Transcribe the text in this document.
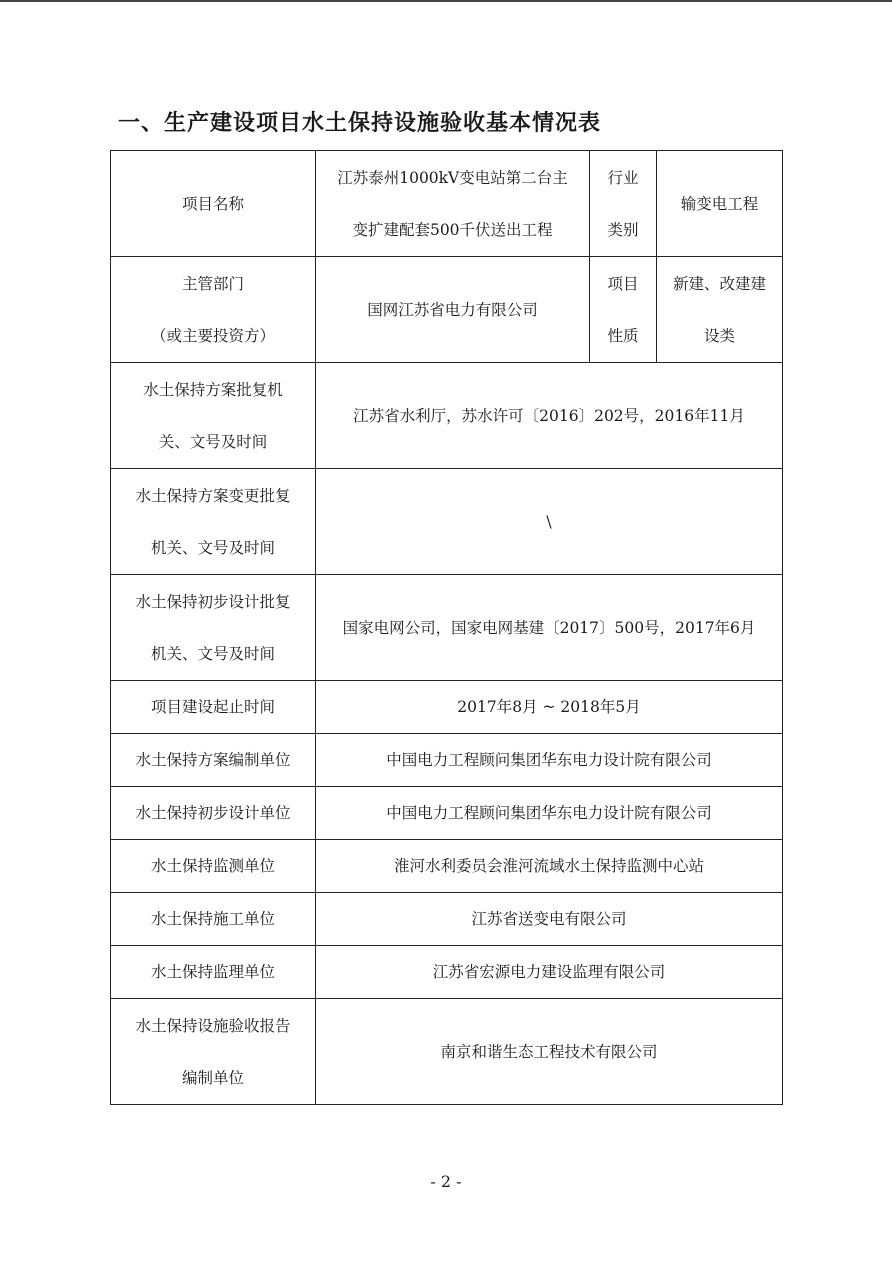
一、生产建设项目水土保持设施验收基本情况表
项目名称	江苏泰州1000kV变电站第二台主
变扩建配套500千伏送出工程	行业
类别	输变电工程

主管部门
（或主要投资方）	国网江苏省电力有限公司	项目
性质	新建、改建建
设类

水土保持方案批复机
关、文号及时间	江苏省水利厅，苏水许可〔2016〕202号，2016年11月		

水土保持方案变更批复
机关、文号及时间	\		

水土保持初步设计批复
机关、文号及时间	国家电网公司，国家电网基建〔2017〕500号，2017年6月		
项目建设起止时间	2017年8月 ~ 2018年5月		
水土保持方案编制单位	中国电力工程顾问集团华东电力设计院有限公司		
水土保持初步设计单位	中国电力工程顾问集团华东电力设计院有限公司		
水土保持监测单位	淮河水利委员会淮河流域水土保持监测中心站		
水土保持施工单位	江苏省送变电有限公司		
水土保持监理单位	江苏省宏源电力建设监理有限公司		

水土保持设施验收报告
编制单位	南京和谐生态工程技术有限公司		
- 2 -
